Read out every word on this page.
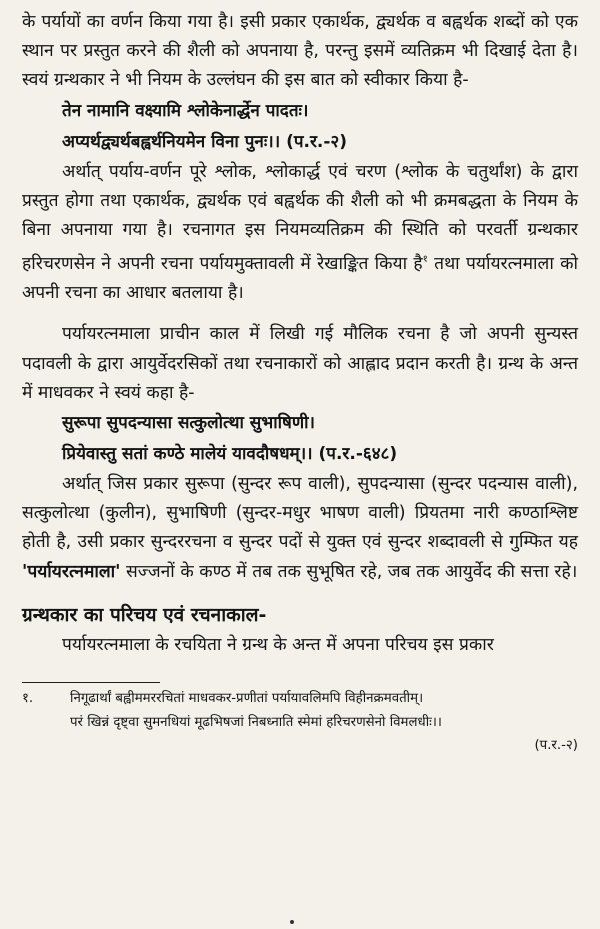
के पर्यायों का वर्णन किया गया है। इसी प्रकार एकार्थक, द्व्यर्थक व बह्वर्थक शब्दों को एक स्थान पर प्रस्तुत करने की शैली को अपनाया है, परन्तु इसमें व्यतिक्रम भी दिखाई देता है। स्वयं ग्रन्थकार ने भी नियम के उल्लंघन की इस बात को स्वीकार किया है-

तेन नामानि वक्ष्यामि श्लोकेनार्द्धेन पादतः।

अप्यर्थद्व्यर्थबह्वर्थनियमेन विना पुनः।। (प.र.-२)

अर्थात् पर्याय-वर्णन पूरे श्लोक, श्लोकार्द्ध एवं चरण (श्लोक के चतुर्थांश) के द्वारा प्रस्तुत होगा तथा एकार्थक, द्व्यर्थक एवं बह्वर्थक की शैली को भी क्रमबद्धता के नियम के बिना अपनाया गया है। रचनागत इस नियमव्यतिक्रम की स्थिति को परवर्ती ग्रन्थकार हरिचरणसेन ने अपनी रचना पर्यायमुक्तावली में रेखाङ्कित किया है$^१$ तथा पर्यायरत्नमाला को अपनी रचना का आधार बतलाया है।

पर्यायरत्नमाला प्राचीन काल में लिखी गई मौलिक रचना है जो अपनी सुन्यस्त पदावली के द्वारा आयुर्वेदरसिकों तथा रचनाकारों को आह्लाद प्रदान करती है। ग्रन्थ के अन्त में माधवकर ने स्वयं कहा है-

सुरूपा सुपदन्यासा सत्कुलोत्था सुभाषिणी।

प्रियेवास्तु सतां कण्ठे मालेयं यावदौषधम्।। (प.र.-६४८)

अर्थात् जिस प्रकार सुरूपा (सुन्दर रूप वाली), सुपदन्यासा (सुन्दर पदन्यास वाली), सत्कुलोत्था (कुलीन), सुभाषिणी (सुन्दर-मधुर भाषण वाली) प्रियतमा नारी कण्ठाश्लिष्ट होती है, उसी प्रकार सुन्दररचना व सुन्दर पदों से युक्त एवं सुन्दर शब्दावली से गुम्फित यह 'पर्यायरत्नमाला' सज्जनों के कण्ठ में तब तक सुभूषित रहे, जब तक आयुर्वेद की सत्ता रहे।

ग्रन्थकार का परिचय एवं रचनाकाल-

पर्यायरत्नमाला के रचयिता ने ग्रन्थ के अन्त में अपना परिचय इस प्रकार

१.	निगूढार्थां बह्वीममररचितां माधवकर-प्रणीतां पर्यायावलिमपि विहीनक्रमवतीम्।

परं खिन्नं दृष्ट्वा सुमनधियां मूढभिषजां निबध्नाति स्मेमां हरिचरणसेनो विमलधीः।।

(प.र.-२)
